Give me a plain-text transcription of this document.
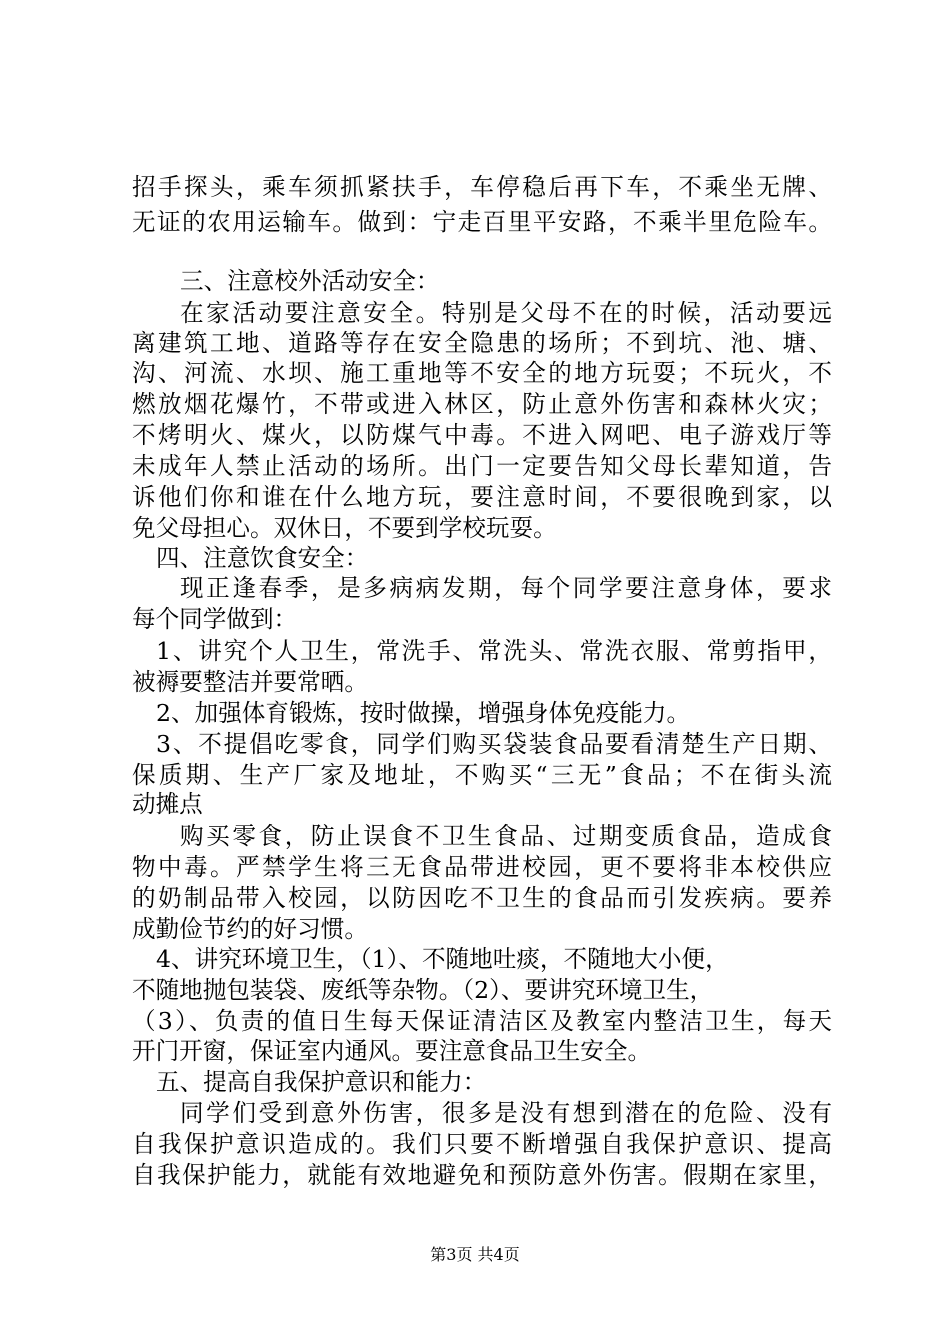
招手探头，乘车须抓紧扶手，车停稳后再下车，不乘坐无牌、
无证的农用运输车。做到：宁走百里平安路，不乘半里危险车。
三、注意校外活动安全：
在家活动要注意安全。特别是父母不在的时候，活动要远
离建筑工地、道路等存在安全隐患的场所；不到坑、池、塘、
沟、河流、水坝、施工重地等不安全的地方玩耍；不玩火，不
燃放烟花爆竹，不带或进入林区，防止意外伤害和森林火灾；
不烤明火、煤火，以防煤气中毒。不进入网吧、电子游戏厅等
未成年人禁止活动的场所。出门一定要告知父母长辈知道，告
诉他们你和谁在什么地方玩，要注意时间，不要很晚到家，以
免父母担心。双休日，不要到学校玩耍。
四、注意饮食安全：
现正逢春季，是多病病发期，每个同学要注意身体，要求
每个同学做到：
1、讲究个人卫生，常洗手、常洗头、常洗衣服、常剪指甲，
被褥要整洁并要常晒。
2、加强体育锻炼，按时做操，增强身体免疫能力。
3、不提倡吃零食，同学们购买袋装食品要看清楚生产日期、
保质期、生产厂家及地址，不购买“三无”食品；不在街头流
动摊点
购买零食，防止误食不卫生食品、过期变质食品，造成食
物中毒。严禁学生将三无食品带进校园，更不要将非本校供应
的奶制品带入校园，以防因吃不卫生的食品而引发疾病。要养
成勤俭节约的好习惯。
4、讲究环境卫生，（1）、不随地吐痰，不随地大小便，
不随地抛包装袋、废纸等杂物。（2）、要讲究环境卫生，
（3）、负责的值日生每天保证清洁区及教室内整洁卫生，每天
开门开窗，保证室内通风。要注意食品卫生安全。
五、提高自我保护意识和能力：
同学们受到意外伤害，很多是没有想到潜在的危险、没有
自我保护意识造成的。我们只要不断增强自我保护意识、提高
自我保护能力，就能有效地避免和预防意外伤害。假期在家里，
第3页 共4页
